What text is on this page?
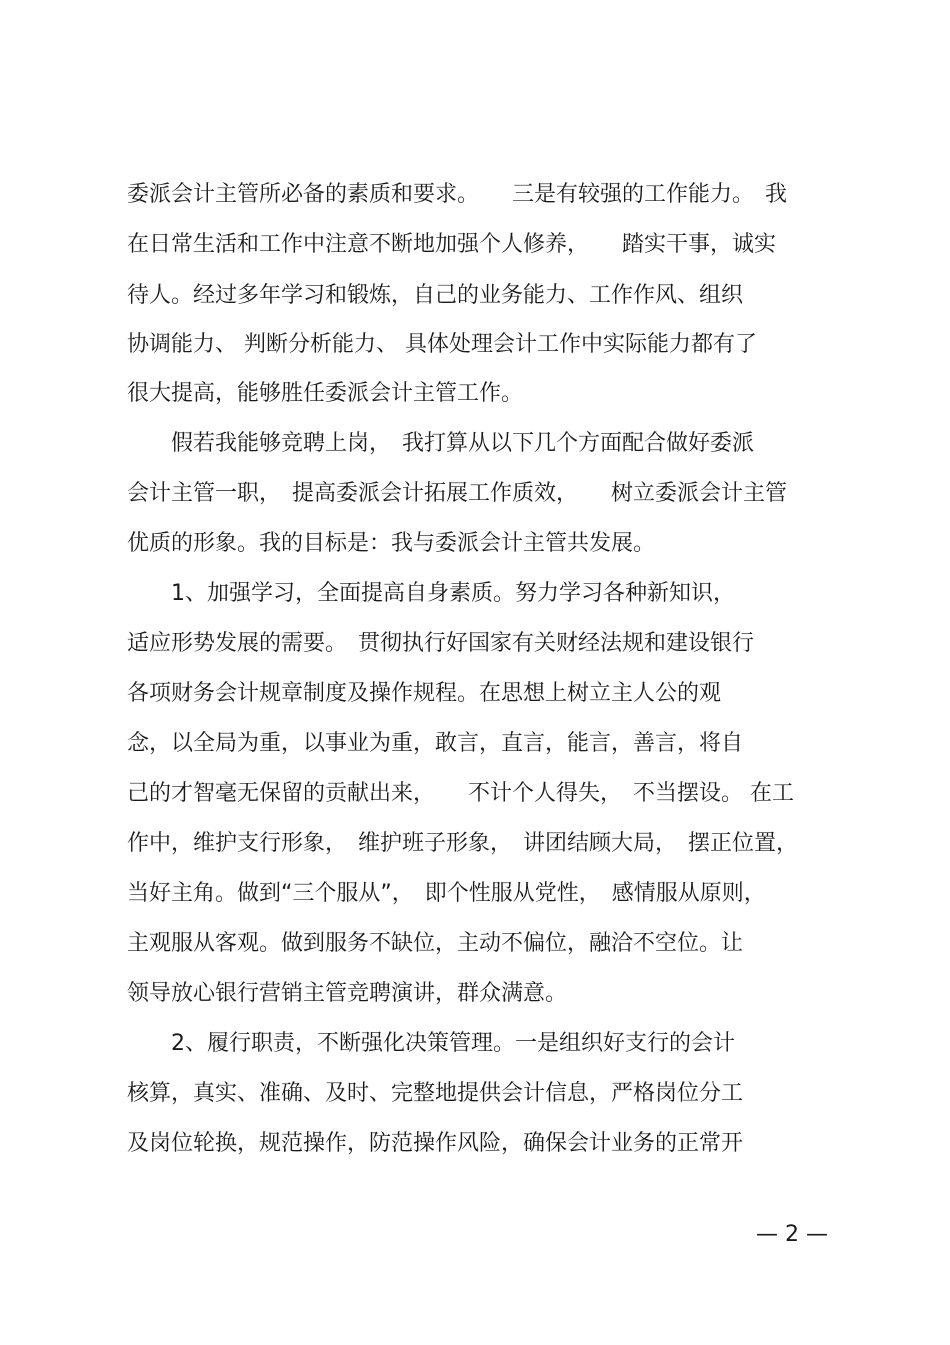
委派会计主管所必备的素质和要求。　　三是有较强的工作能力。　我
在日常生活和工作中注意不断地加强个人修养，　　踏实干事，诚实
待人。经过多年学习和锻炼，自己的业务能力、工作作风、组织
协调能力、 判断分析能力、 具体处理会计工作中实际能力都有了
很大提高，能够胜任委派会计主管工作。
　　假若我能够竞聘上岗，　我打算从以下几个方面配合做好委派
会计主管一职，　提高委派会计拓展工作质效，　　树立委派会计主管
优质的形象。我的目标是：我与委派会计主管共发展。
　　1、加强学习，全面提高自身素质。努力学习各种新知识，
适应形势发展的需要。　贯彻执行好国家有关财经法规和建设银行
各项财务会计规章制度及操作规程。在思想上树立主人公的观
念，以全局为重，以事业为重，敢言，直言，能言，善言，将自
己的才智毫无保留的贡献出来，　　不计个人得失，　不当摆设。 在工
作中，维护支行形象，　维护班子形象，　讲团结顾大局，　摆正位置，
当好主角。做到“三个服从”，　即个性服从党性，　感情服从原则，
主观服从客观。做到服务不缺位，主动不偏位，融洽不空位。让
领导放心银行营销主管竞聘演讲，群众满意。
　　2、履行职责，不断强化决策管理。一是组织好支行的会计
核算，真实、准确、及时、完整地提供会计信息，严格岗位分工
及岗位轮换，规范操作，防范操作风险，确保会计业务的正常开
— 2 —
